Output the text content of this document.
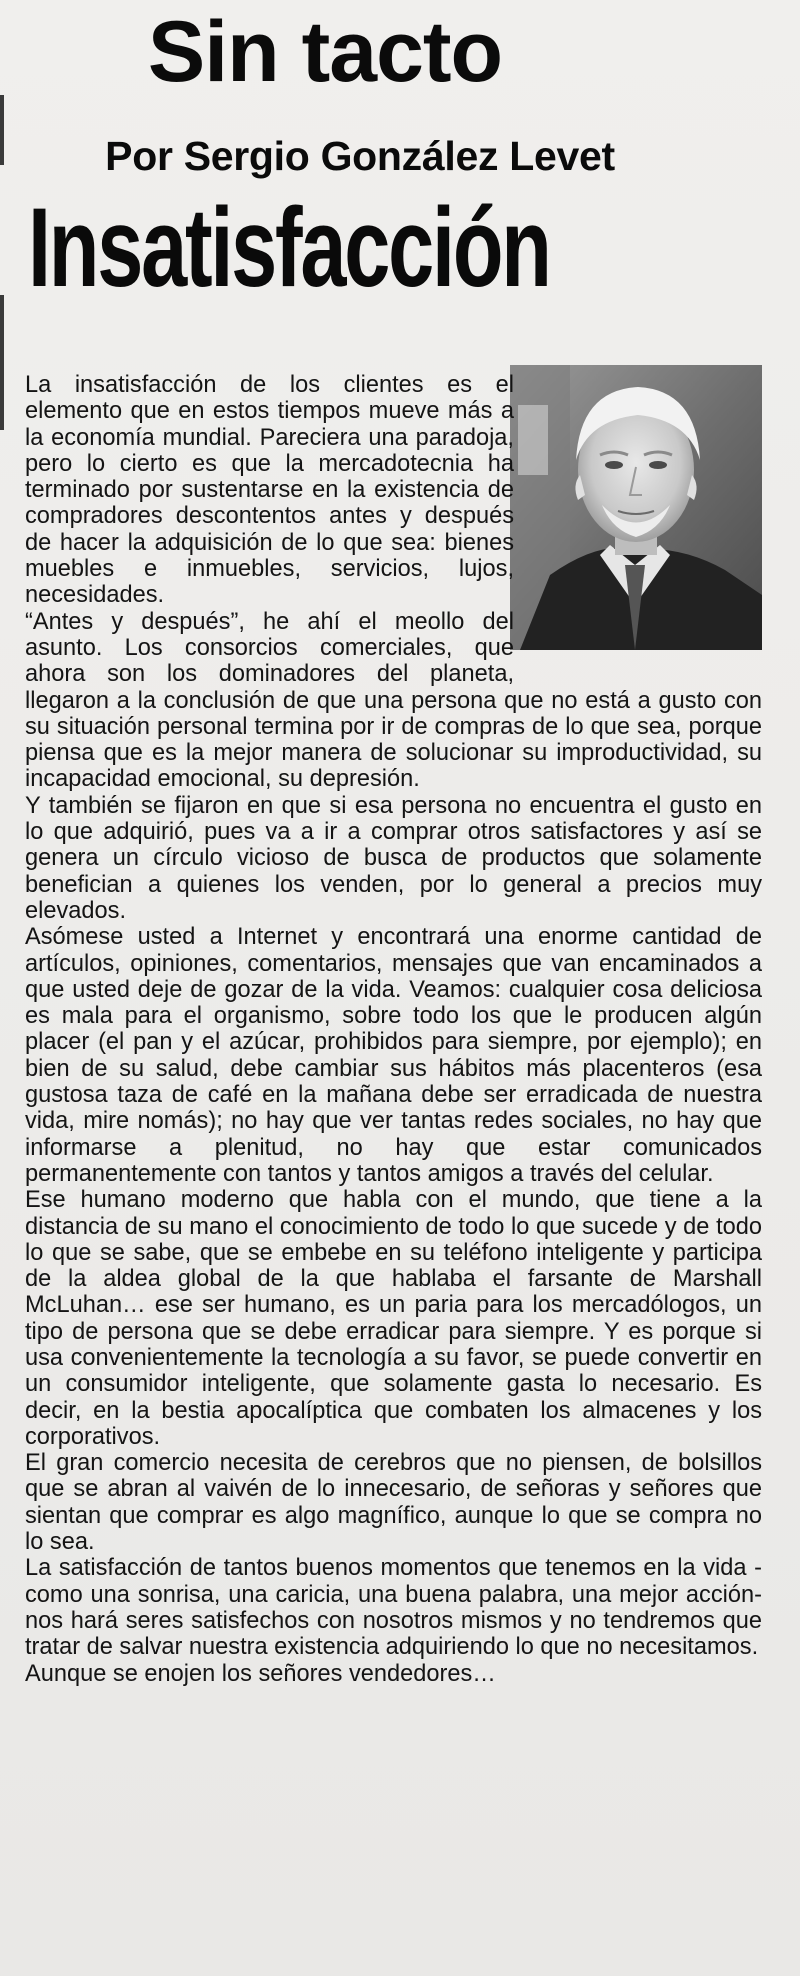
Sin tacto
Por Sergio González Levet
Insatisfacción

La insatisfacción de los clientes es el elemento que en estos tiempos mueve más a la economía mundial. Pareciera una paradoja, pero lo cierto es que la mercadotecnia ha terminado por sustentarse en la existencia de compradores descontentos antes y después de hacer la adquisición de lo que sea: bienes muebles e inmuebles, servicios, lujos, necesidades.

“Antes y después”, he ahí el meollo del asunto. Los consorcios comerciales, que ahora son los dominadores del planeta, llegaron a la conclusión de que una persona que no está a gusto con su situación personal termina por ir de compras de lo que sea, porque piensa que es la mejor manera de solucionar su improductividad, su incapacidad emocional, su depresión.

Y también se fijaron en que si esa persona no encuentra el gusto en lo que adquirió, pues va a ir a comprar otros satisfactores y así se genera un círculo vicioso de busca de productos que solamente benefician a quienes los venden, por lo general a precios muy elevados.

Asómese usted a Internet y encontrará una enorme cantidad de artículos, opiniones, comentarios, mensajes que van encaminados a que usted deje de gozar de la vida. Veamos: cualquier cosa deliciosa es mala para el organismo, sobre todo los que le producen algún placer (el pan y el azúcar, prohibidos para siempre, por ejemplo); en bien de su salud, debe cambiar sus hábitos más placenteros (esa gustosa taza de café en la mañana debe ser erradicada de nuestra vida, mire nomás); no hay que ver tantas redes sociales, no hay que informarse a plenitud, no hay que estar comunicados permanentemente con tantos y tantos amigos a través del celular.

Ese humano moderno que habla con el mundo, que tiene a la distancia de su mano el conocimiento de todo lo que sucede y de todo lo que se sabe, que se embebe en su teléfono inteligente y participa de la aldea global de la que hablaba el farsante de Marshall McLuhan… ese ser humano, es un paria para los mercadólogos, un tipo de persona que se debe erradicar para siempre. Y es porque si usa convenientemente la tecnología a su favor, se puede convertir en un consumidor inteligente, que solamente gasta lo necesario. Es decir, en la bestia apocalíptica que combaten los almacenes y los corporativos.

El gran comercio necesita de cerebros que no piensen, de bolsillos que se abran al vaivén de lo innecesario, de señoras y señores que sientan que comprar es algo magnífico, aunque lo que se compra no lo sea.

La satisfacción de tantos buenos momentos que tenemos en la vida -como una sonrisa, una caricia, una buena palabra, una mejor acción- nos hará seres satisfechos con nosotros mismos y no tendremos que tratar de salvar nuestra existencia adquiriendo lo que no necesitamos.

Aunque se enojen los señores vendedores…
